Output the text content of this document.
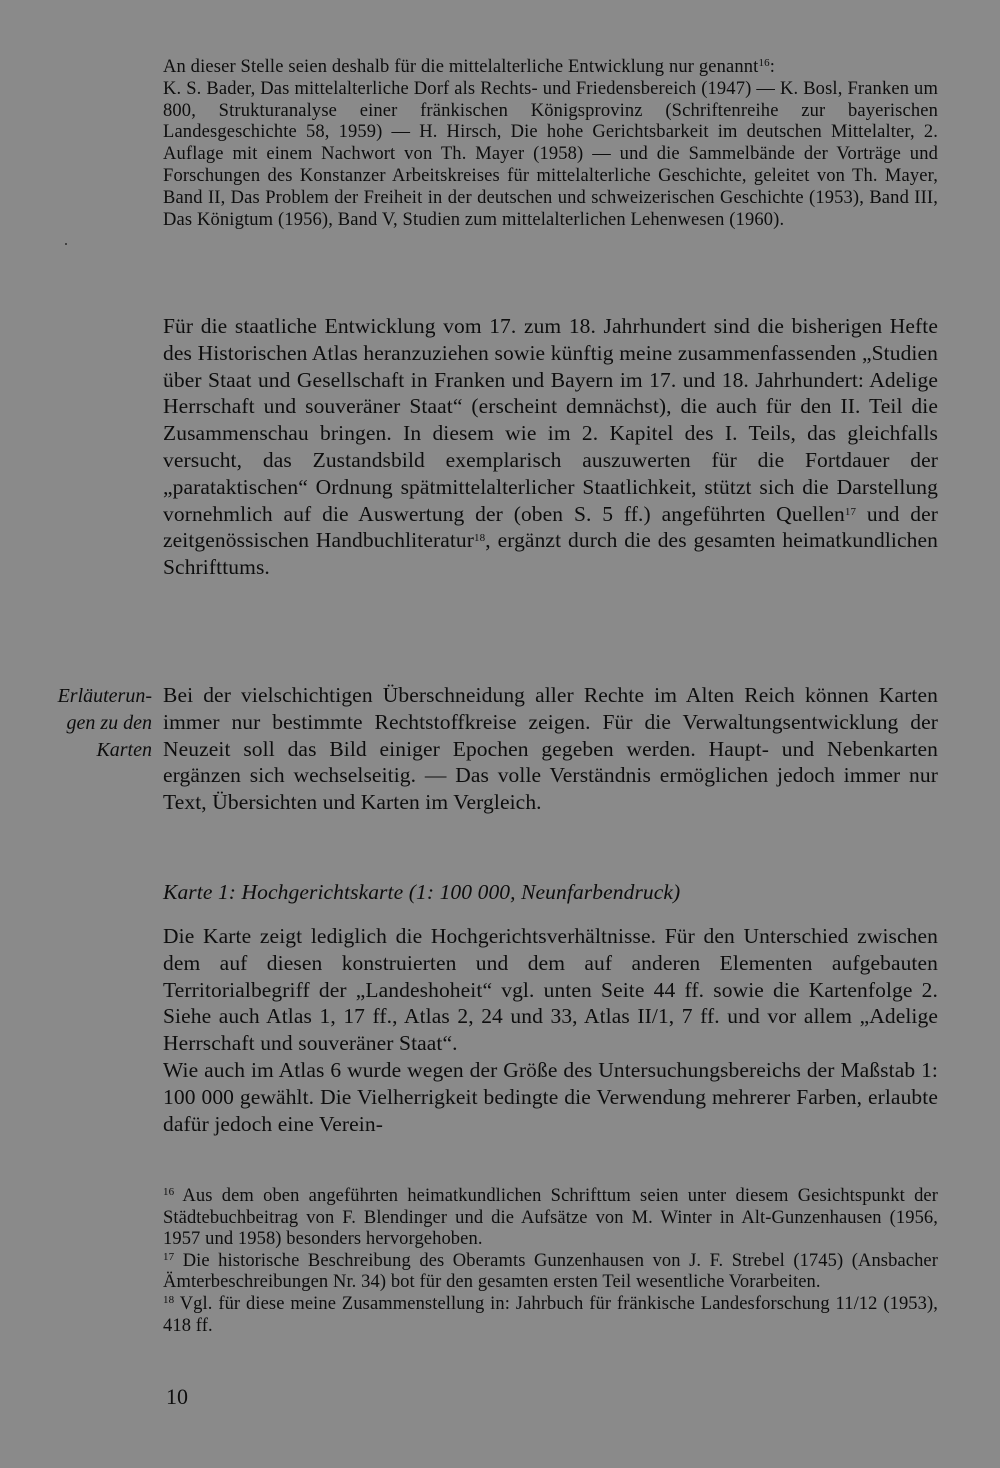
An dieser Stelle seien deshalb für die mittelalterliche Entwicklung nur genannt$^{16}$:
K. S. Bader, Das mittelalterliche Dorf als Rechts- und Friedensbereich (1947) — K. Bosl, Franken um 800, Strukturanalyse einer fränkischen Königsprovinz (Schriftenreihe zur bayerischen Landesgeschichte 58, 1959) — H. Hirsch, Die hohe Gerichtsbarkeit im deutschen Mittelalter, 2. Auflage mit einem Nachwort von Th. Mayer (1958) — und die Sammelbände der Vorträge und Forschungen des Konstanzer Arbeitskreises für mittelalterliche Geschichte, geleitet von Th. Mayer, Band II, Das Problem der Freiheit in der deutschen und schweizerischen Geschichte (1953), Band III, Das Königtum (1956), Band V, Studien zum mittelalterlichen Lehenwesen (1960).

Für die staatliche Entwicklung vom 17. zum 18. Jahrhundert sind die bisherigen Hefte des Historischen Atlas heranzuziehen sowie künftig meine zusammenfassenden „Studien über Staat und Gesellschaft in Franken und Bayern im 17. und 18. Jahrhundert: Adelige Herrschaft und souveräner Staat“ (erscheint demnächst), die auch für den II. Teil die Zusammenschau bringen. In diesem wie im 2. Kapitel des I. Teils, das gleichfalls versucht, das Zustandsbild exemplarisch auszuwerten für die Fortdauer der „parataktischen“ Ordnung spätmittelalterlicher Staatlichkeit, stützt sich die Darstellung vornehmlich auf die Auswertung der (oben S. 5 ff.) angeführten Quellen$^{17}$ und der zeitgenössischen Handbuchliteratur$^{18}$, ergänzt durch die des gesamten heimatkundlichen Schrifttums.

Erläuterun-
gen zu den
Karten

Bei der vielschichtigen Überschneidung aller Rechte im Alten Reich können Karten immer nur bestimmte Rechtstoffkreise zeigen. Für die Verwaltungsentwicklung der Neuzeit soll das Bild einiger Epochen gegeben werden. Haupt- und Nebenkarten ergänzen sich wechselseitig. — Das volle Verständnis ermöglichen jedoch immer nur Text, Übersichten und Karten im Vergleich.

Karte 1: Hochgerichtskarte (1: 100 000, Neunfarbendruck)

Die Karte zeigt lediglich die Hochgerichtsverhältnisse. Für den Unterschied zwischen dem auf diesen konstruierten und dem auf anderen Elementen aufgebauten Territorialbegriff der „Landeshoheit“ vgl. unten Seite 44 ff. sowie die Kartenfolge 2. Siehe auch Atlas 1, 17 ff., Atlas 2, 24 und 33, Atlas II/1, 7 ff. und vor allem „Adelige Herrschaft und souveräner Staat“.
Wie auch im Atlas 6 wurde wegen der Größe des Untersuchungsbereichs der Maßstab 1: 100 000 gewählt. Die Vielherrigkeit bedingte die Verwendung mehrerer Farben, erlaubte dafür jedoch eine Verein-

$^{16}$ Aus dem oben angeführten heimatkundlichen Schrifttum seien unter diesem Gesichtspunkt der Städtebuchbeitrag von F. Blendinger und die Aufsätze von M. Winter in Alt-Gunzenhausen (1956, 1957 und 1958) besonders hervorgehoben.

$^{17}$ Die historische Beschreibung des Oberamts Gunzenhausen von J. F. Strebel (1745) (Ansbacher Ämterbeschreibungen Nr. 34) bot für den gesamten ersten Teil wesentliche Vorarbeiten.

$^{18}$ Vgl. für diese meine Zusammenstellung in: Jahrbuch für fränkische Landesforschung 11/12 (1953), 418 ff.

10
